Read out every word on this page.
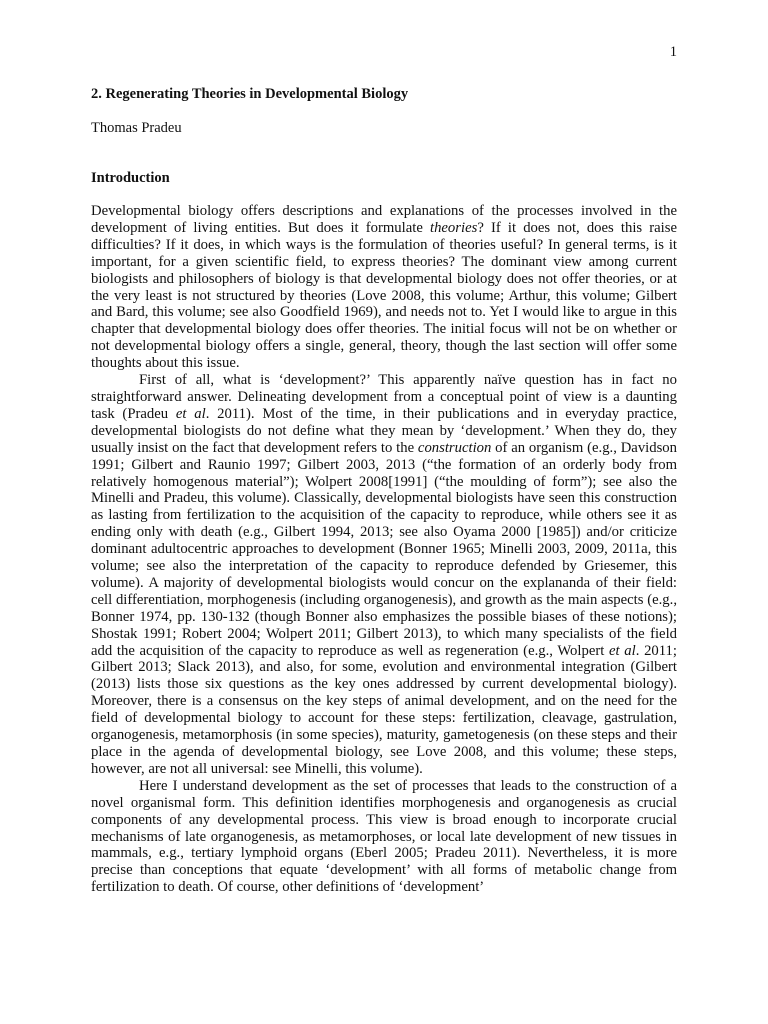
1
2. Regenerating Theories in Developmental Biology
Thomas Pradeu
Introduction

Developmental biology offers descriptions and explanations of the processes involved in the development of living entities. But does it formulate theories? If it does not, does this raise difficulties? If it does, in which ways is the formulation of theories useful? In general terms, is it important, for a given scientific field, to express theories? The dominant view among current biologists and philosophers of biology is that developmental biology does not offer theories, or at the very least is not structured by theories (Love 2008, this volume; Arthur, this volume; Gilbert and Bard, this volume; see also Goodfield 1969), and needs not to. Yet I would like to argue in this chapter that developmental biology does offer theories. The initial focus will not be on whether or not developmental biology offers a single, general, theory, though the last section will offer some thoughts about this issue.

First of all, what is ‘development?’ This apparently naïve question has in fact no straightforward answer. Delineating development from a conceptual point of view is a daunting task (Pradeu et al. 2011). Most of the time, in their publications and in everyday practice, developmental biologists do not define what they mean by ‘development.’ When they do, they usually insist on the fact that development refers to the construction of an organism (e.g., Davidson 1991; Gilbert and Raunio 1997; Gilbert 2003, 2013 (“the formation of an orderly body from relatively homogenous material”); Wolpert 2008[1991] (“the moulding of form”); see also the Minelli and Pradeu, this volume). Classically, developmental biologists have seen this construction as lasting from fertilization to the acquisition of the capacity to reproduce, while others see it as ending only with death (e.g., Gilbert 1994, 2013; see also Oyama 2000 [1985]) and/or criticize dominant adultocentric approaches to development (Bonner 1965; Minelli 2003, 2009, 2011a, this volume; see also the interpretation of the capacity to reproduce defended by Griesemer, this volume). A majority of developmental biologists would concur on the explananda of their field: cell differentiation, morphogenesis (including organogenesis), and growth as the main aspects (e.g., Bonner 1974, pp. 130-132 (though Bonner also emphasizes the possible biases of these notions); Shostak 1991; Robert 2004; Wolpert 2011; Gilbert 2013), to which many specialists of the field add the acquisition of the capacity to reproduce as well as regeneration (e.g., Wolpert et al. 2011; Gilbert 2013; Slack 2013), and also, for some, evolution and environmental integration (Gilbert (2013) lists those six questions as the key ones addressed by current developmental biology). Moreover, there is a consensus on the key steps of animal development, and on the need for the field of developmental biology to account for these steps: fertilization, cleavage, gastrulation, organogenesis, metamorphosis (in some species), maturity, gametogenesis (on these steps and their place in the agenda of developmental biology, see Love 2008, and this volume; these steps, however, are not all universal: see Minelli, this volume).

Here I understand development as the set of processes that leads to the construction of a novel organismal form. This definition identifies morphogenesis and organogenesis as crucial components of any developmental process. This view is broad enough to incorporate crucial mechanisms of late organogenesis, as metamorphoses, or local late development of new tissues in mammals, e.g., tertiary lymphoid organs (Eberl 2005; Pradeu 2011). Nevertheless, it is more precise than conceptions that equate ‘development’ with all forms of metabolic change from fertilization to death. Of course, other definitions of ‘development’
